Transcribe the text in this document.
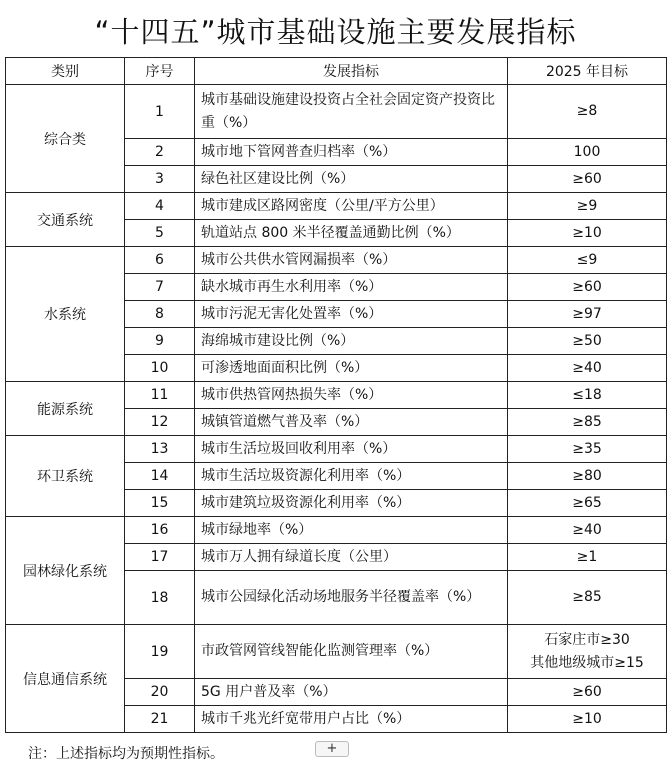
“十四五”城市基础设施主要发展指标
类别	序号	发展指标	2025 年目标
综合类	1	城市基础设施建设投资占全社会固定资产投资比重（%）	≥8
	2	城市地下管网普查归档率（%）	100
	3	绿色社区建设比例（%）	≥60
交通系统	4	城市建成区路网密度（公里/平方公里）	≥9
	5	轨道站点 800 米半径覆盖通勤比例（%）	≥10
水系统	6	城市公共供水管网漏损率（%）	≤9
	7	缺水城市再生水利用率（%）	≥60
	8	城市污泥无害化处置率（%）	≥97
	9	海绵城市建设比例（%）	≥50
	10	可渗透地面面积比例（%）	≥40
能源系统	11	城市供热管网热损失率（%）	≤18
	12	城镇管道燃气普及率（%）	≥85
环卫系统	13	城市生活垃圾回收利用率（%）	≥35
	14	城市生活垃圾资源化利用率（%）	≥80
	15	城市建筑垃圾资源化利用率（%）	≥65
园林绿化系统	16	城市绿地率（%）	≥40
	17	城市万人拥有绿道长度（公里）	≥1
	18	城市公园绿化活动场地服务半径覆盖率（%）	≥85
信息通信系统	19	市政管网管线智能化监测管理率（%）	石家庄市≥30
其他地级城市≥15
	20	5G 用户普及率（%）	≥60
	21	城市千兆光纤宽带用户占比（%）	≥10
+
注：上述指标均为预期性指标。
